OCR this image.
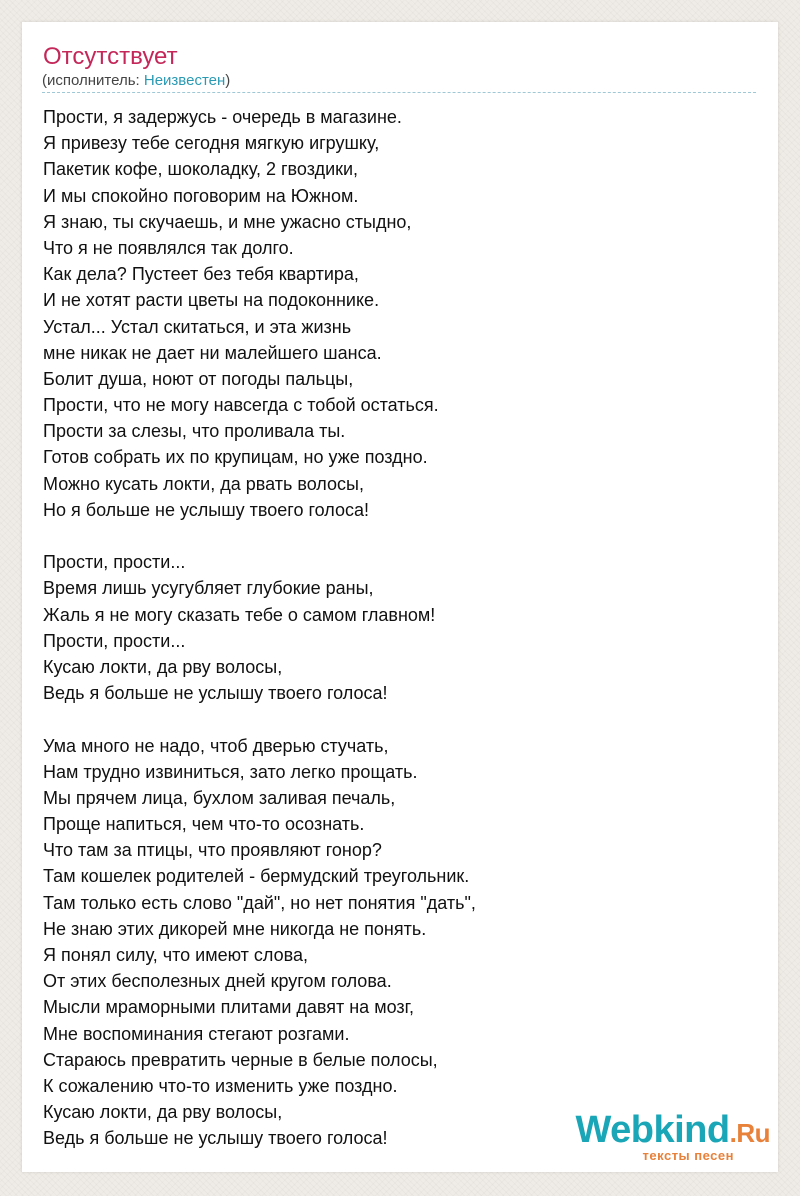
Отсутствует
(исполнитель: Неизвестен)
Прости, я задержусь - очередь в магазине.
Я привезу тебе сегодня мягкую игрушку,
Пакетик кофе, шоколадку, 2 гвоздики,
И мы спокойно поговорим на Южном.
Я знаю, ты скучаешь, и мне ужасно стыдно,
Что я не появлялся так долго.
Как дела? Пустеет без тебя квартира,
И не хотят расти цветы на подоконнике.
Устал... Устал скитаться, и эта жизнь
мне никак не дает ни малейшего шанса.
Болит душа, ноют от погоды пальцы,
Прости, что не могу навсегда с тобой остаться.
Прости за слезы, что проливала ты.
Готов собрать их по крупицам, но уже поздно.
Можно кусать локти, да рвать волосы,
Но я больше не услышу твоего голоса!
Прости, прости...
Время лишь усугубляет глубокие раны,
Жаль я не могу сказать тебе о самом главном!
Прости, прости...
Кусаю локти, да рву волосы,
Ведь я больше не услышу твоего голоса!
Ума много не надо, чтоб дверью стучать,
Нам трудно извиниться, зато легко прощать.
Мы прячем лица, бухлом заливая печаль,
Проще напиться, чем что-то осознать.
Что там за птицы, что проявляют гонор?
Там кошелек родителей - бермудский треугольник.
Там только есть слово "дай", но нет понятия "дать",
Не знаю этих дикорей мне никогда не понять.
Я понял силу, что имеют слова,
От этих бесполезных дней кругом голова.
Мысли мраморными плитами давят на мозг,
Мне воспоминания стегают розгами.
Стараюсь превратить черные в белые полосы,
К сожалению что-то изменить уже поздно.
Кусаю локти, да рву волосы,
Ведь я больше не услышу твоего голоса!	Webkind.Ru
тексты песен
